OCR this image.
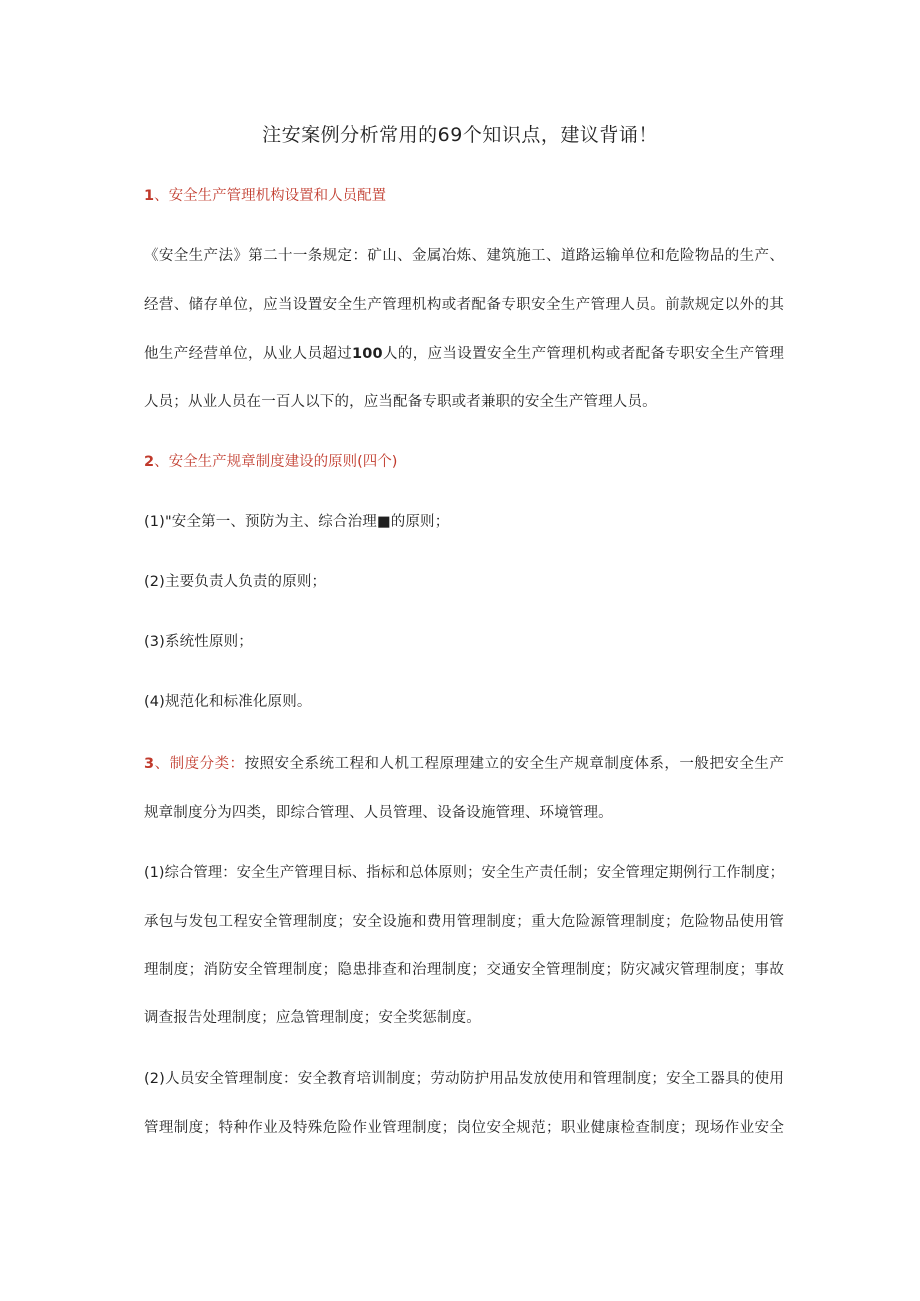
注安案例分析常用的69个知识点，建议背诵！
1、安全生产管理机构设置和人员配置
《安全生产法》第二十一条规定：矿山、金属冶炼、建筑施工、道路运输单位和危险物品的生产、
经营、储存单位，应当设置安全生产管理机构或者配备专职安全生产管理人员。前款规定以外的其
他生产经营单位，从业人员超过100人的，应当设置安全生产管理机构或者配备专职安全生产管理
人员；从业人员在一百人以下的，应当配备专职或者兼职的安全生产管理人员。
2、安全生产规章制度建设的原则(四个)
(1)"安全第一、预防为主、综合治理■的原则；
(2)主要负责人负责的原则；
(3)系统性原则；
(4)规范化和标准化原则。
3、制度分类：按照安全系统工程和人机工程原理建立的安全生产规章制度体系，一般把安全生产
规章制度分为四类，即综合管理、人员管理、设备设施管理、环境管理。
(1)综合管理：安全生产管理目标、指标和总体原则；安全生产责任制；安全管理定期例行工作制度；
承包与发包工程安全管理制度；安全设施和费用管理制度；重大危险源管理制度；危险物品使用管
理制度；消防安全管理制度；隐患排查和治理制度；交通安全管理制度；防灾减灾管理制度；事故
调查报告处理制度；应急管理制度；安全奖惩制度。
(2)人员安全管理制度：安全教育培训制度；劳动防护用品发放使用和管理制度；安全工器具的使用
管理制度；特种作业及特殊危险作业管理制度；岗位安全规范；职业健康检查制度；现场作业安全
